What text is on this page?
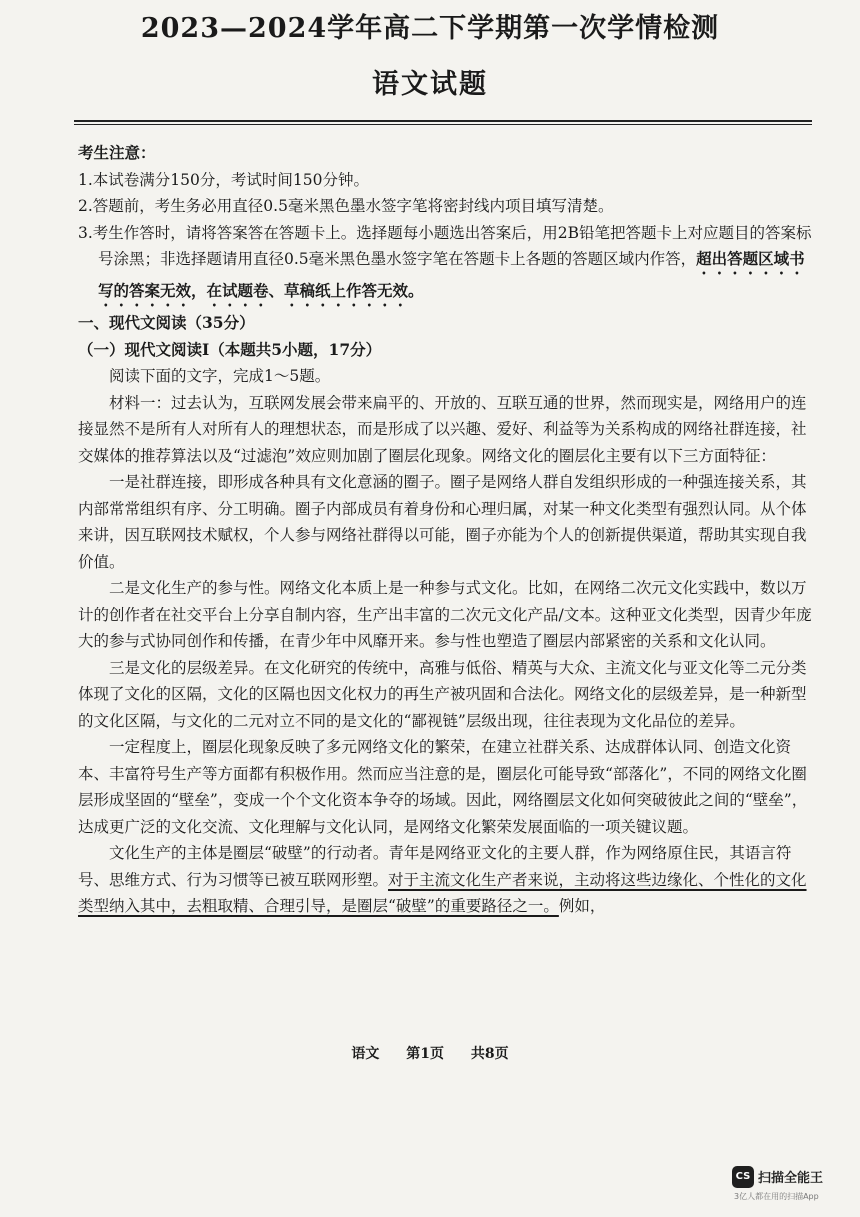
2023—2024学年高二下学期第一次学情检测
语文试题

考生注意：

1.本试卷满分150分，考试时间150分钟。

2.答题前，考生务必用直径0.5毫米黑色墨水签字笔将密封线内项目填写清楚。

3.考生作答时，请将答案答在答题卡上。选择题每小题选出答案后，用2B铅笔把答题卡上对应题目的答案标号涂黑；非选择题请用直径0.5毫米黑色墨水签字笔在答题卡上各题的答题区域内作答，超出答题区域书写的答案无效，在试题卷、草稿纸上作答无效。

一、现代文阅读（35分）

（一）现代文阅读Ⅰ（本题共5小题，17分）

阅读下面的文字，完成1～5题。

材料一：过去认为，互联网发展会带来扁平的、开放的、互联互通的世界，然而现实是，网络用户的连接显然不是所有人对所有人的理想状态，而是形成了以兴趣、爱好、利益等为关系构成的网络社群连接，社交媒体的推荐算法以及“过滤泡”效应则加剧了圈层化现象。网络文化的圈层化主要有以下三方面特征：

一是社群连接，即形成各种具有文化意涵的圈子。圈子是网络人群自发组织形成的一种强连接关系，其内部常常组织有序、分工明确。圈子内部成员有着身份和心理归属，对某一种文化类型有强烈认同。从个体来讲，因互联网技术赋权，个人参与网络社群得以可能，圈子亦能为个人的创新提供渠道，帮助其实现自我价值。

二是文化生产的参与性。网络文化本质上是一种参与式文化。比如，在网络二次元文化实践中，数以万计的创作者在社交平台上分享自制内容，生产出丰富的二次元文化产品/文本。这种亚文化类型，因青少年庞大的参与式协同创作和传播，在青少年中风靡开来。参与性也塑造了圈层内部紧密的关系和文化认同。

三是文化的层级差异。在文化研究的传统中，高雅与低俗、精英与大众、主流文化与亚文化等二元分类体现了文化的区隔，文化的区隔也因文化权力的再生产被巩固和合法化。网络文化的层级差异，是一种新型的文化区隔，与文化的二元对立不同的是文化的“鄙视链”层级出现，往往表现为文化品位的差异。

一定程度上，圈层化现象反映了多元网络文化的繁荣，在建立社群关系、达成群体认同、创造文化资本、丰富符号生产等方面都有积极作用。然而应当注意的是，圈层化可能导致“部落化”，不同的网络文化圈层形成坚固的“壁垒”，变成一个个文化资本争夺的场域。因此，网络圈层文化如何突破彼此之间的“壁垒”，达成更广泛的文化交流、文化理解与文化认同，是网络文化繁荣发展面临的一项关键议题。

文化生产的主体是圈层“破壁”的行动者。青年是网络亚文化的主要人群，作为网络原住民，其语言符号、思维方式、行为习惯等已被互联网形塑。对于主流文化生产者来说，主动将这些边缘化、个性化的文化类型纳入其中，去粗取精、合理引导，是圈层“破壁”的重要路径之一。例如，

语文 第1页 共8页
CS 扫描全能王
3亿人都在用的扫描App
